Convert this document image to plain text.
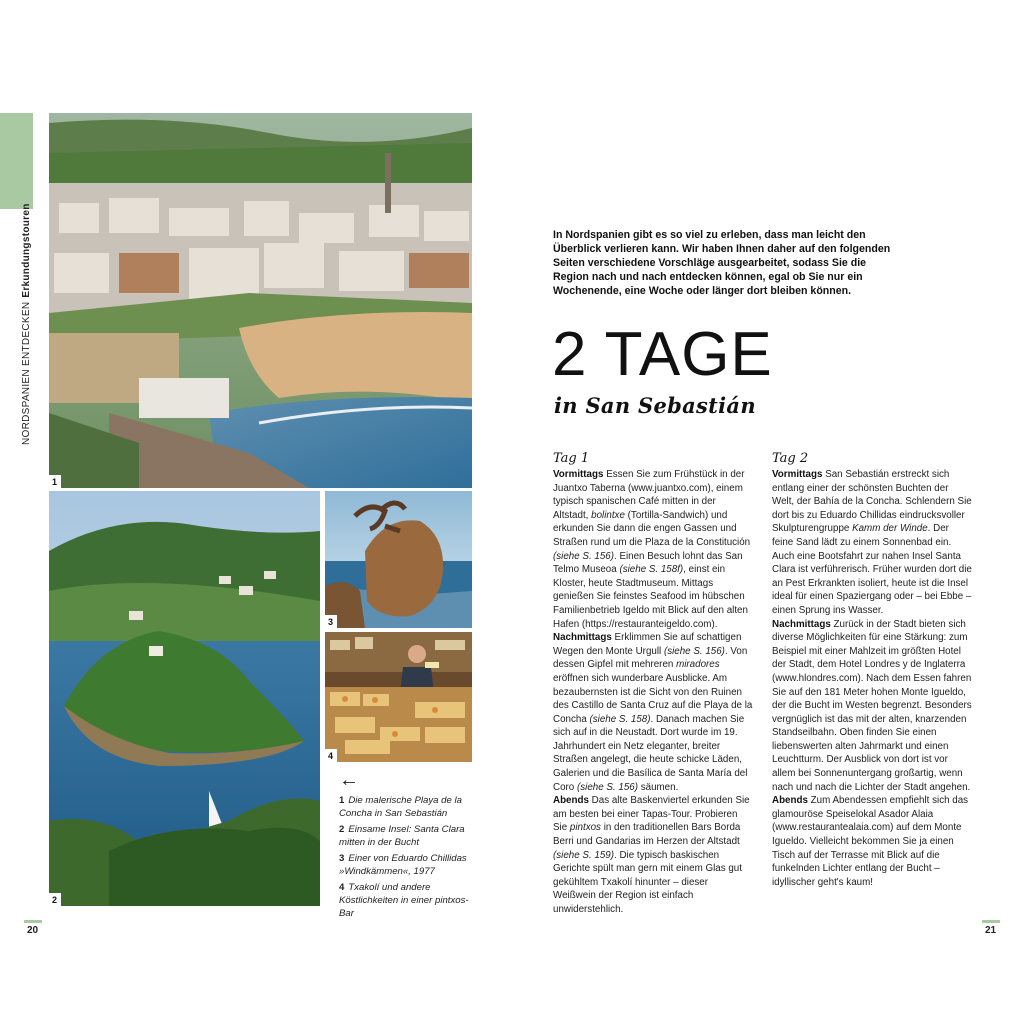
NORDSPANIEN ENTDECKENErkundungstouren
1
2
3
4
←
1 Die malerische Playa de la Concha in San Sebastián
2 Einsame Insel: Santa Clara mitten in der Bucht
3 Einer von Eduardo Chillidas »Windkämmen«, 1977
4 Txakolí und andere Köstlichkeiten in einer pintxos-Bar
20
In Nordspanien gibt es so viel zu erleben, dass man leicht den Überblick verlieren kann. Wir haben Ihnen daher auf den folgenden Seiten verschiedene Vorschläge ausgearbeitet, sodass Sie die Region nach und nach entdecken können, egal ob Sie nur ein Wochenende, eine Woche oder länger dort bleiben können.
2 TAGE
in San Sebastián
Tag 1
Vormittags Essen Sie zum Frühstück in der Juantxo Taberna (www.juantxo.com), einem typisch spanischen Café mitten in der Altstadt, bolintxe (Tortilla-Sandwich) und erkunden Sie dann die engen Gassen und Straßen rund um die Plaza de la Constitución (siehe S. 156). Einen Besuch lohnt das San Telmo Museoa (siehe S. 158f), einst ein Kloster, heute Stadtmuseum. Mittags genießen Sie feinstes Seafood im hübschen Familienbetrieb Igeldo mit Blick auf den alten Hafen (https://restauranteigeldo.com).
Nachmittags Erklimmen Sie auf schattigen Wegen den Monte Urgull (siehe S. 156). Von dessen Gipfel mit mehreren miradores eröffnen sich wunderbare Ausblicke. Am bezaubernsten ist die Sicht von den Ruinen des Castillo de Santa Cruz auf die Playa de la Concha (siehe S. 158). Danach machen Sie sich auf in die Neustadt. Dort wurde im 19. Jahrhundert ein Netz eleganter, breiter Straßen angelegt, die heute schicke Läden, Galerien und die Basílica de Santa María del Coro (siehe S. 156) säumen.
Abends Das alte Baskenviertel erkunden Sie am besten bei einer Tapas-Tour. Probieren Sie pintxos in den traditionellen Bars Borda Berri und Gandarias im Herzen der Altstadt (siehe S. 159). Die typisch baskischen Gerichte spült man gern mit einem Glas gut gekühltem Txakolí hinunter – dieser Weißwein der Region ist einfach unwiderstehlich.
Tag 2
Vormittags San Sebastián erstreckt sich entlang einer der schönsten Buchten der Welt, der Bahía de la Concha. Schlendern Sie dort bis zu Eduardo Chillidas eindrucksvoller Skulpturengruppe Kamm der Winde. Der feine Sand lädt zu einem Sonnenbad ein. Auch eine Bootsfahrt zur nahen Insel Santa Clara ist verführerisch. Früher wurden dort die an Pest Erkrankten isoliert, heute ist die Insel ideal für einen Spaziergang oder – bei Ebbe – einen Sprung ins Wasser.
Nachmittags Zurück in der Stadt bieten sich diverse Möglichkeiten für eine Stärkung: zum Beispiel mit einer Mahlzeit im größten Hotel der Stadt, dem Hotel Londres y de Inglaterra (www.hlondres.com). Nach dem Essen fahren Sie auf den 181 Meter hohen Monte Igueldo, der die Bucht im Westen begrenzt. Besonders vergnüglich ist das mit der alten, knarzenden Standseilbahn. Oben finden Sie einen liebenswerten alten Jahrmarkt und einen Leuchtturm. Der Ausblick von dort ist vor allem bei Sonnenuntergang großartig, wenn nach und nach die Lichter der Stadt angehen.
Abends Zum Abendessen empfiehlt sich das glamouröse Speiselokal Asador Alaia (www.restaurantealaia.com) auf dem Monte Igueldo. Vielleicht bekommen Sie ja einen Tisch auf der Terrasse mit Blick auf die funkelnden Lichter entlang der Bucht – idyllischer geht's kaum!
21
